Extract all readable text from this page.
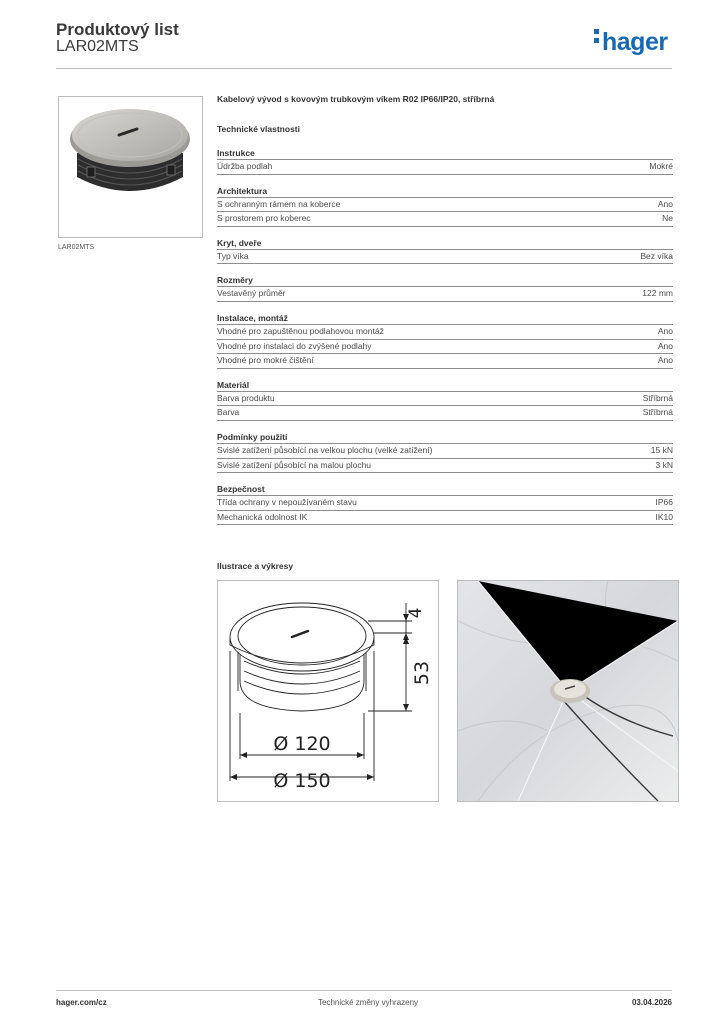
Produktový list
LAR02MTS	hager
LAR02MTS
Kabelový vývod s kovovým trubkovým víkem R02 IP66/IP20, stříbrná
Technické vlastnosti
Instrukce
Údržba podlah	Mokré
Architektura
S ochranným rámem na koberce	Ano
S prostorem pro koberec	Ne
Kryt, dveře
Typ víka	Bez víka
Rozměry
Vestavěný průměr	122 mm
Instalace, montáž
Vhodné pro zapuštěnou podlahovou montáž	Ano
Vhodné pro instalaci do zvýšené podlahy	Ano
Vhodné pro mokré čištění	Ano
Materiál
Barva produktu	Stříbrná
Barva	Stříbrná
Podmínky použití
Svislé zatížení působící na velkou plochu (velké zatížení)	15 kN
Svislé zatížení působící na malou plochu	3 kN
Bezpečnost
Třída ochrany v nepoužívaném stavu	IP66
Mechanická odolnost IK	IK10
Ilustrace a výkresy
4
53
Ø 120
Ø 150
hager.com/cz	Technické změny vyhrazeny	03.04.2026
